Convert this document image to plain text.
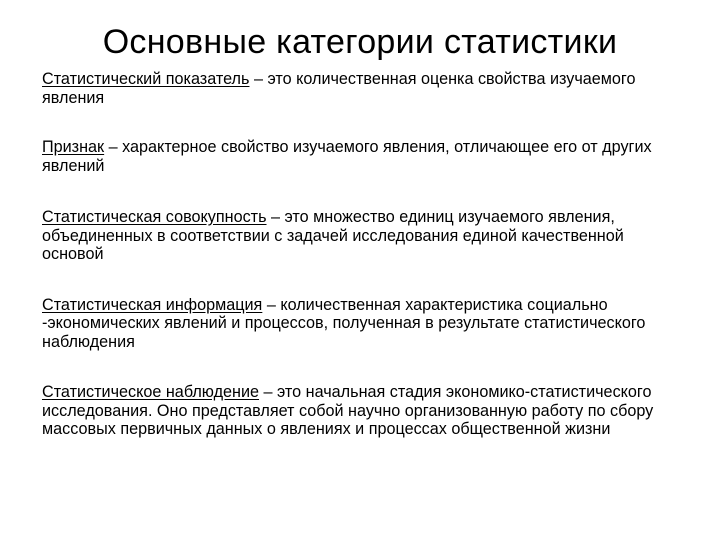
Основные категории статистики
Статистический показатель – это количественная оценка свойства изучаемого явления
Признак – характерное свойство изучаемого явления, отличающее его от других явлений
Статистическая совокупность – это множество единиц изучаемого явления, объединенных в соответствии с задачей исследования единой качественной основой
Статистическая информация – количественная характеристика социально -экономических явлений и процессов, полученная в результате статистического наблюдения
Статистическое наблюдение – это начальная стадия экономико-статистического исследования. Оно представляет собой научно организованную работу по сбору массовых первичных данных о явлениях и процессах общественной жизни
